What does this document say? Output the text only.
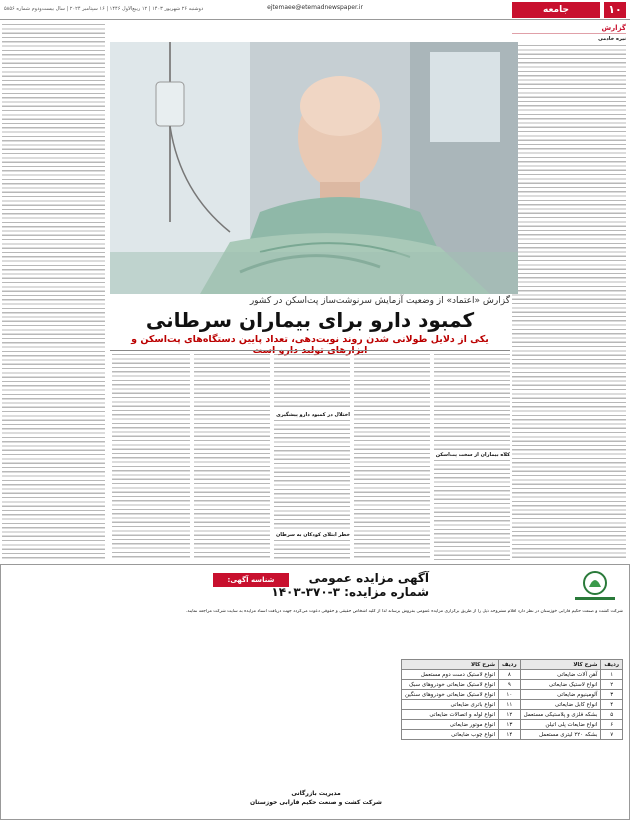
۱۰
جامعه
ejtemaee@etemadnewspaper.ir
دوشنبه ۲۶ شهریور ۱۴۰۳ | ۱۲ ربیع‌الاول ۱۴۴۶ | ۱۶ سپتامبر ۲۰۲۴ | سال بیست‌ودوم شماره ۵۸۵۶
گزارش
نیره خادمی
گزارش «اعتماد» از وضعیت آزمایش سرنوشت‌ساز پت‌اسکن در کشور
کمبود دارو برای بیماران سرطانی
یکی از دلایل طولانی شدن روند نوبت‌دهی، تعداد پایین دستگاه‌های پت‌اسکن و
کلاه بیماران از سخت پت‌اسکن
اختلال در کمبود دارو پیشگیری
خطر ابتلای کودکان به سرطان
شناسه آگهی: ۱۷۸۸۷۸۰
آگهی مزایده عمومی
شماره مزایده: ۳-۳۷۰-۱۴۰۳
شرکت کشت و صنعت حکیم فارابی خوزستان در نظر دارد اقلام مشروحه ذیل را از طریق برگزاری مزایده عمومی بفروش برساند لذا از کلیه اشخاص حقیقی و حقوقی دعوت می‌گردد جهت دریافت اسناد مزایده به سایت شرکت مراجعه نمایند.
ردیف	شرح کالا	ردیف	شرح کالا
۱	آهن آلات ضایعاتی	۸	انواع لاستیک دست دوم مستعمل
۲	انواع لاستیک ضایعاتی	۹	انواع لاستیک ضایعاتی خودروهای سبک
۳	آلومینیوم ضایعاتی	۱۰	انواع لاستیک ضایعاتی خودروهای سنگین
۴	انواع کابل ضایعاتی	۱۱	انواع باتری ضایعاتی
۵	بشکه فلزی و پلاستیکی مستعمل	۱۲	انواع لوله و اتصالات ضایعاتی
۶	انواع ضایعات پلی اتیلن	۱۳	انواع موتور ضایعاتی
۷	بشکه ۲۲۰ لیتری مستعمل	۱۴	انواع چوب ضایعاتی
مدیریت بازرگانی
شرکت کشت و صنعت حکیم فارابی خوزستان
